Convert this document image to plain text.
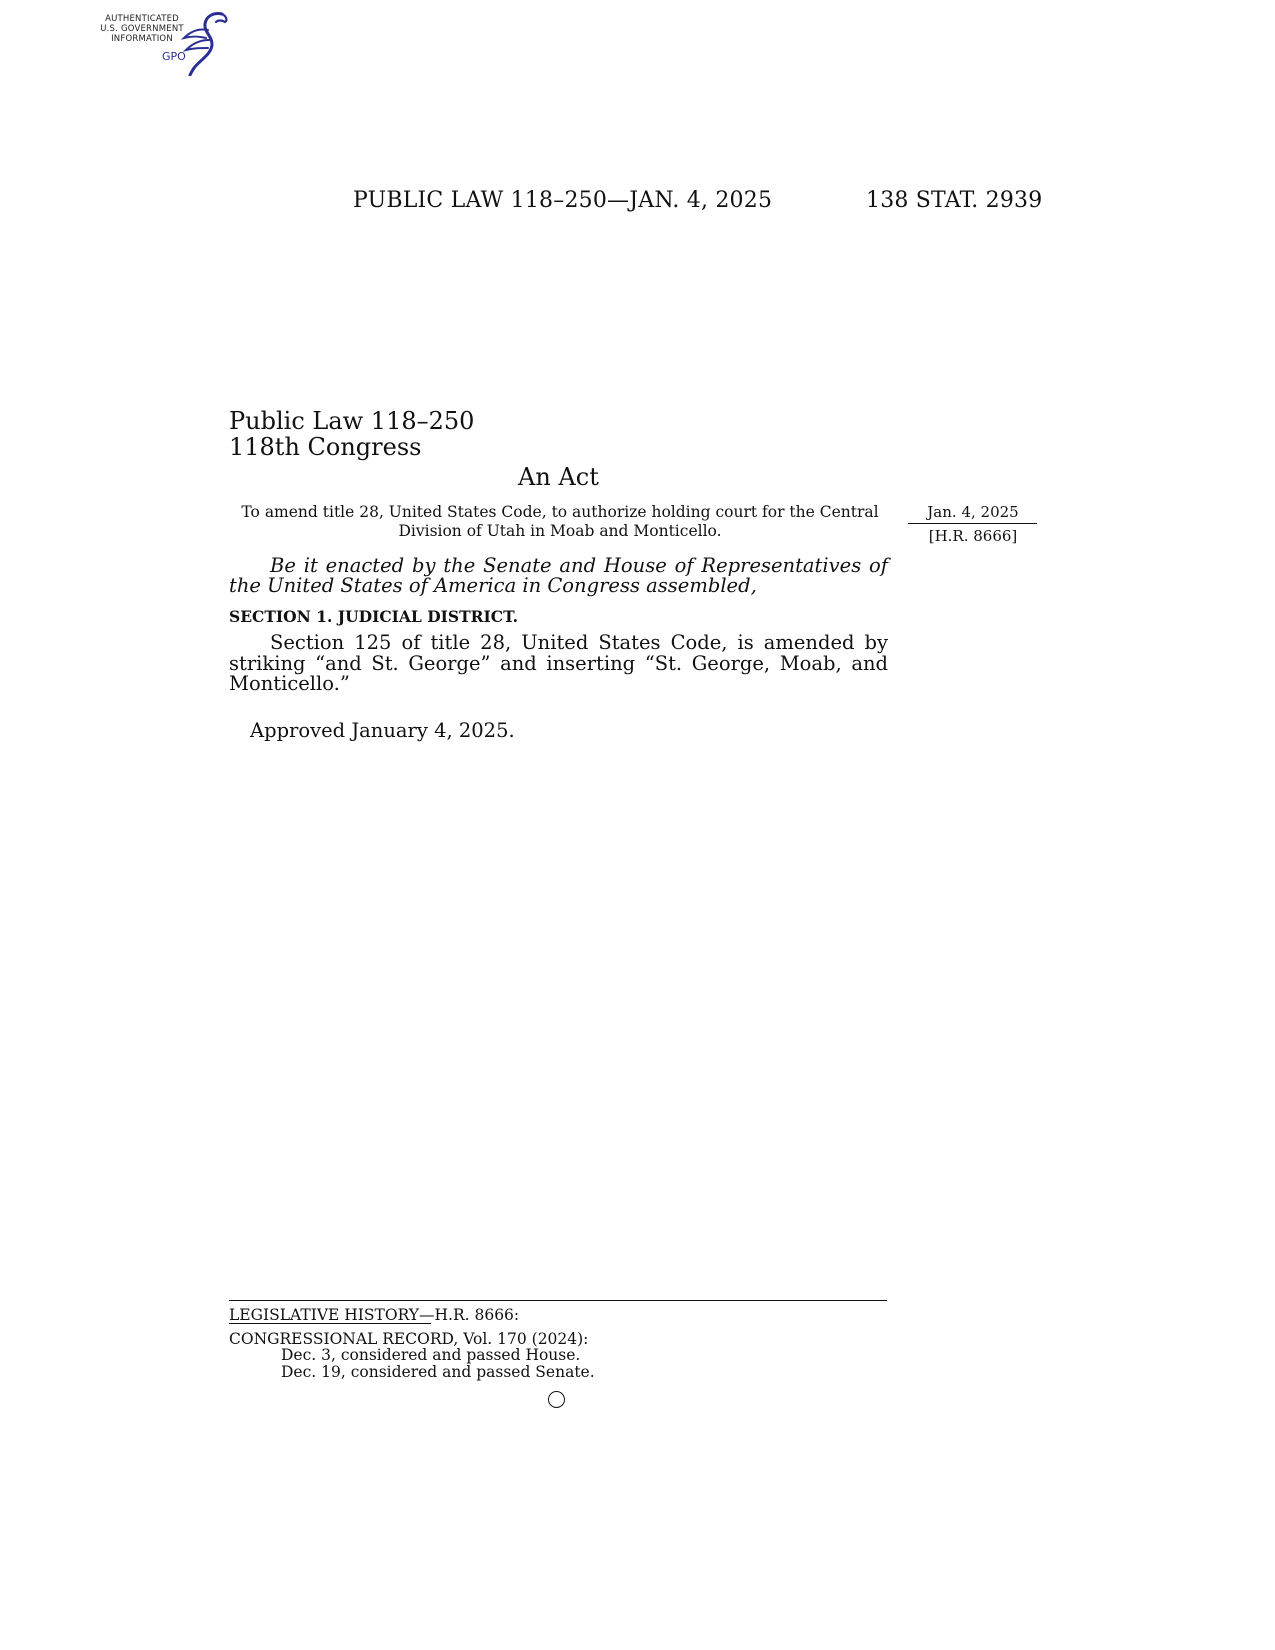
AUTHENTICATED
U.S. GOVERNMENT
INFORMATION
GPO
PUBLIC LAW 118–250—JAN. 4, 2025	138 STAT. 2939
Public Law 118–250
118th Congress
An Act
To amend title 28, United States Code, to authorize holding court for the Central Division of Utah in Moab and Monticello.
Jan. 4, 2025
[H.R. 8666]
Be it enacted by the Senate and House of Representatives of the United States of America in Congress assembled,
SECTION 1. JUDICIAL DISTRICT.
Section 125 of title 28, United States Code, is amended by striking “and St. George” and inserting “St. George, Moab, and Monticello.”
Approved January 4, 2025.
LEGISLATIVE HISTORY—H.R. 8666:
CONGRESSIONAL RECORD, Vol. 170 (2024):
Dec. 3, considered and passed House.
Dec. 19, considered and passed Senate.
